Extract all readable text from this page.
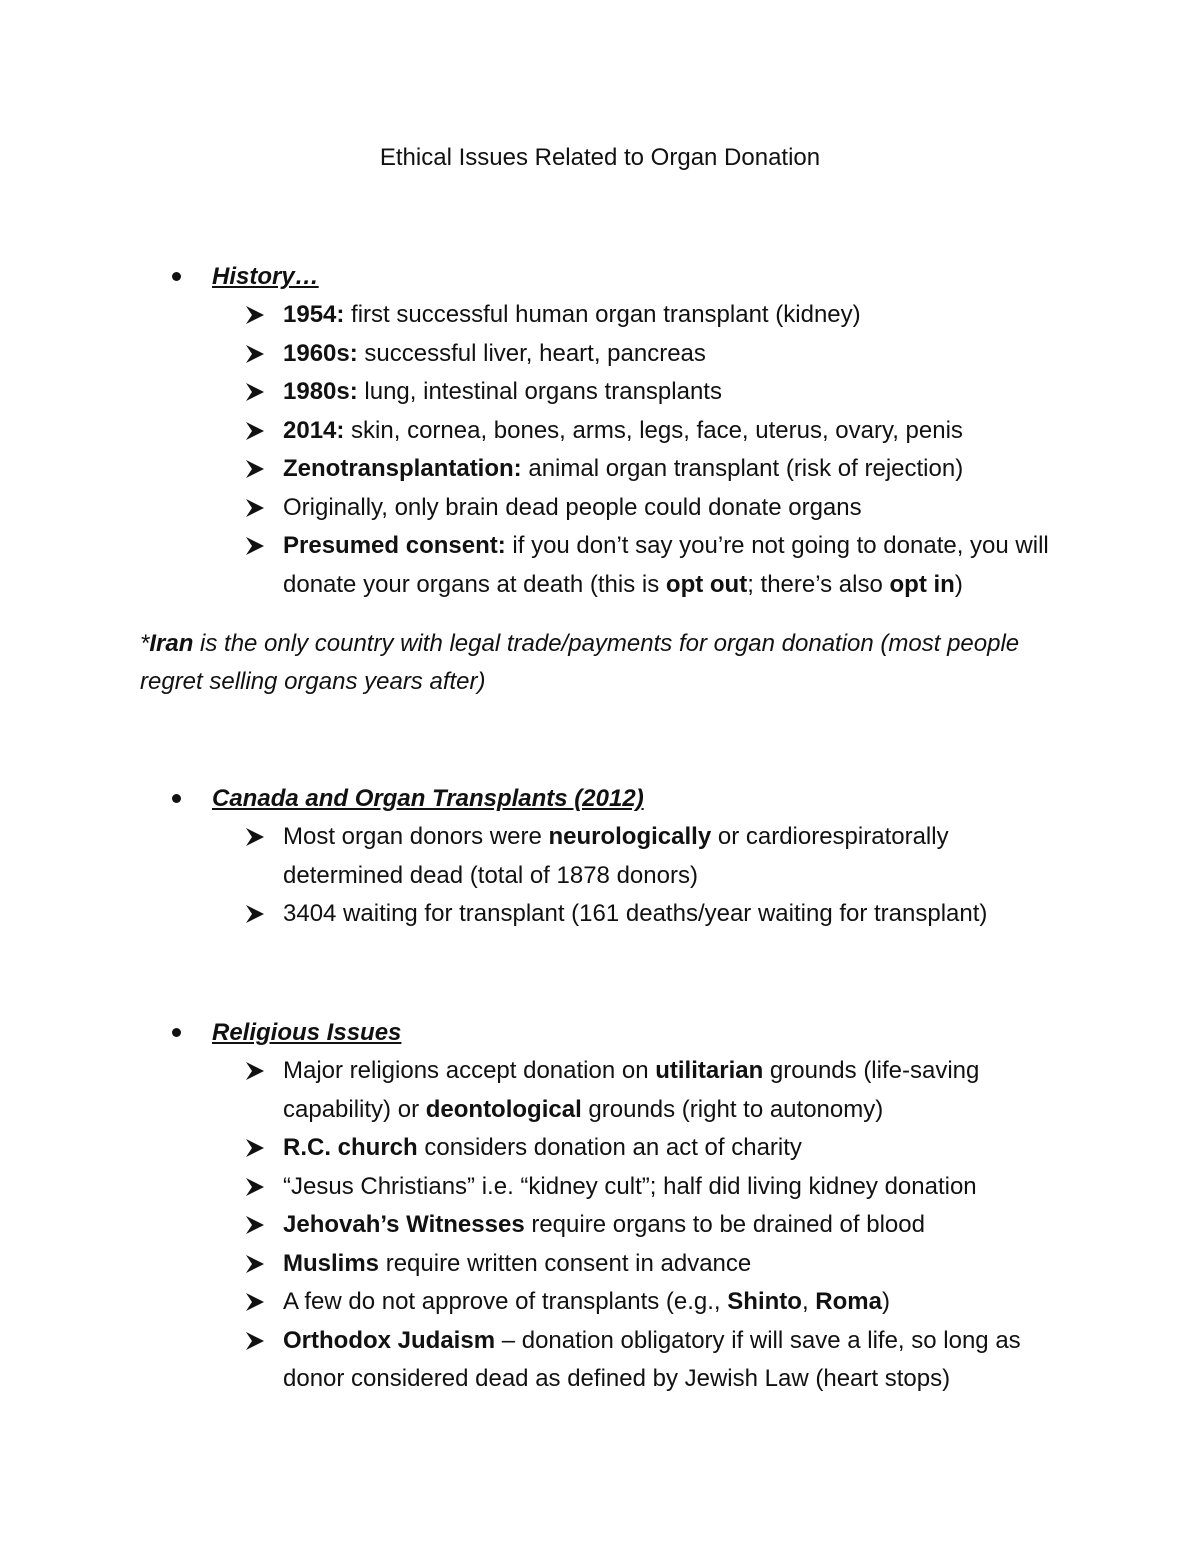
Ethical Issues Related to Organ Donation
History…
1954: first successful human organ transplant (kidney)
1960s: successful liver, heart, pancreas
1980s: lung, intestinal organs transplants
2014: skin, cornea, bones, arms, legs, face, uterus, ovary, penis
Zenotransplantation: animal organ transplant (risk of rejection)
Originally, only brain dead people could donate organs
Presumed consent: if you don’t say you’re not going to donate, you will donate your organs at death (this is opt out; there’s also opt in)
*Iran is the only country with legal trade/payments for organ donation (most people regret selling organs years after)
Canada and Organ Transplants (2012)
Most organ donors were neurologically or cardiorespiratorally determined dead (total of 1878 donors)
3404 waiting for transplant (161 deaths/year waiting for transplant)
Religious Issues
Major religions accept donation on utilitarian grounds (life-saving capability) or deontological grounds (right to autonomy)
R.C. church considers donation an act of charity
“Jesus Christians” i.e. “kidney cult”; half did living kidney donation
Jehovah’s Witnesses require organs to be drained of blood
Muslims require written consent in advance
A few do not approve of transplants (e.g., Shinto, Roma)
Orthodox Judaism – donation obligatory if will save a life, so long as donor considered dead as defined by Jewish Law (heart stops)
